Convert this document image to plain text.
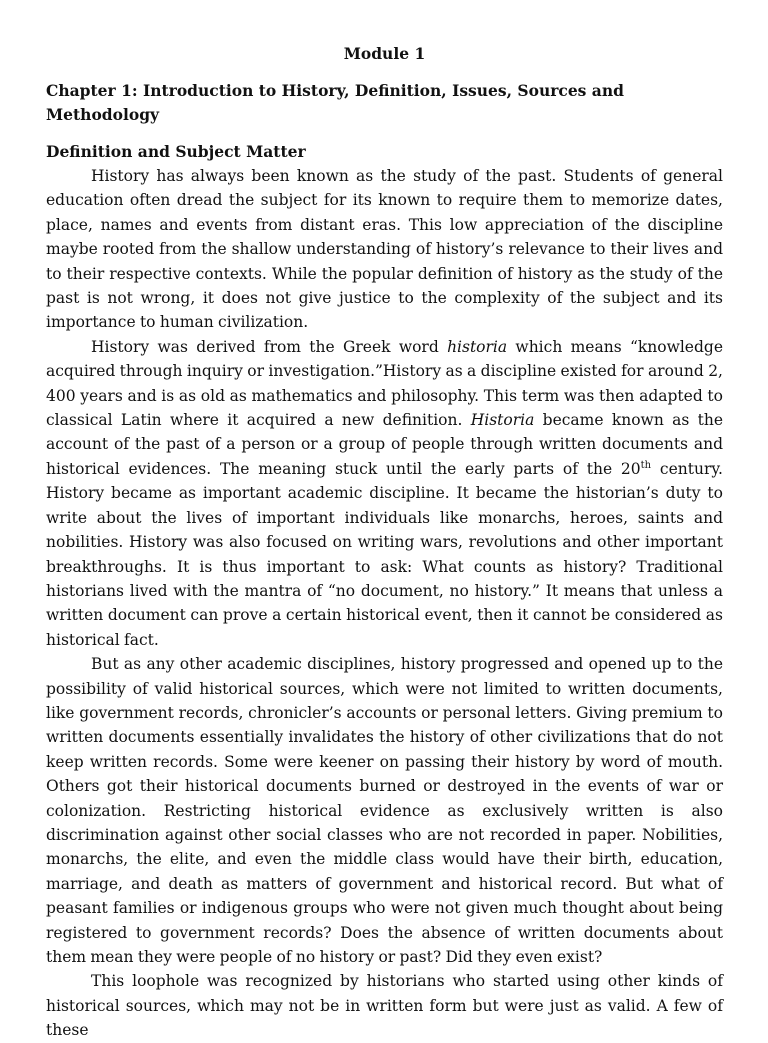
Module 1
Chapter 1: Introduction to History, Definition, Issues, Sources and Methodology
Definition and Subject Matter

History has always been known as the study of the past. Students of general education often dread the subject for its known to require them to memorize dates, place, names and events from distant eras. This low appreciation of the discipline maybe rooted from the shallow understanding of history’s relevance to their lives and to their respective contexts. While the popular definition of history as the study of the past is not wrong, it does not give justice to the complexity of the subject and its importance to human civilization.

History was derived from the Greek word historia which means “knowledge acquired through inquiry or investigation.”History as a discipline existed for around 2, 400 years and is as old as mathematics and philosophy. This term was then adapted to classical Latin where it acquired a new definition. Historia became known as the account of the past of a person or a group of people through written documents and historical evidences. The meaning stuck until the early parts of the 20th century. History became as important academic discipline. It became the historian’s duty to write about the lives of important individuals like monarchs, heroes, saints and nobilities. History was also focused on writing wars, revolutions and other important breakthroughs. It is thus important to ask: What counts as history? Traditional historians lived with the mantra of “no document, no history.” It means that unless a written document can prove a certain historical event, then it cannot be considered as historical fact.

But as any other academic disciplines, history progressed and opened up to the possibility of valid historical sources, which were not limited to written documents, like government records, chronicler’s accounts or personal letters. Giving premium to written documents essentially invalidates the history of other civilizations that do not keep written records. Some were keener on passing their history by word of mouth. Others got their historical documents burned or destroyed in the events of war or colonization. Restricting historical evidence as exclusively written is also discrimination against other social classes who are not recorded in paper. Nobilities, monarchs, the elite, and even the middle class would have their birth, education, marriage, and death as matters of government and historical record. But what of peasant families or indigenous groups who were not given much thought about being registered to government records? Does the absence of written documents about them mean they were people of no history or past? Did they even exist?

This loophole was recognized by historians who started using other kinds of historical sources, which may not be in written form but were just as valid. A few of these
